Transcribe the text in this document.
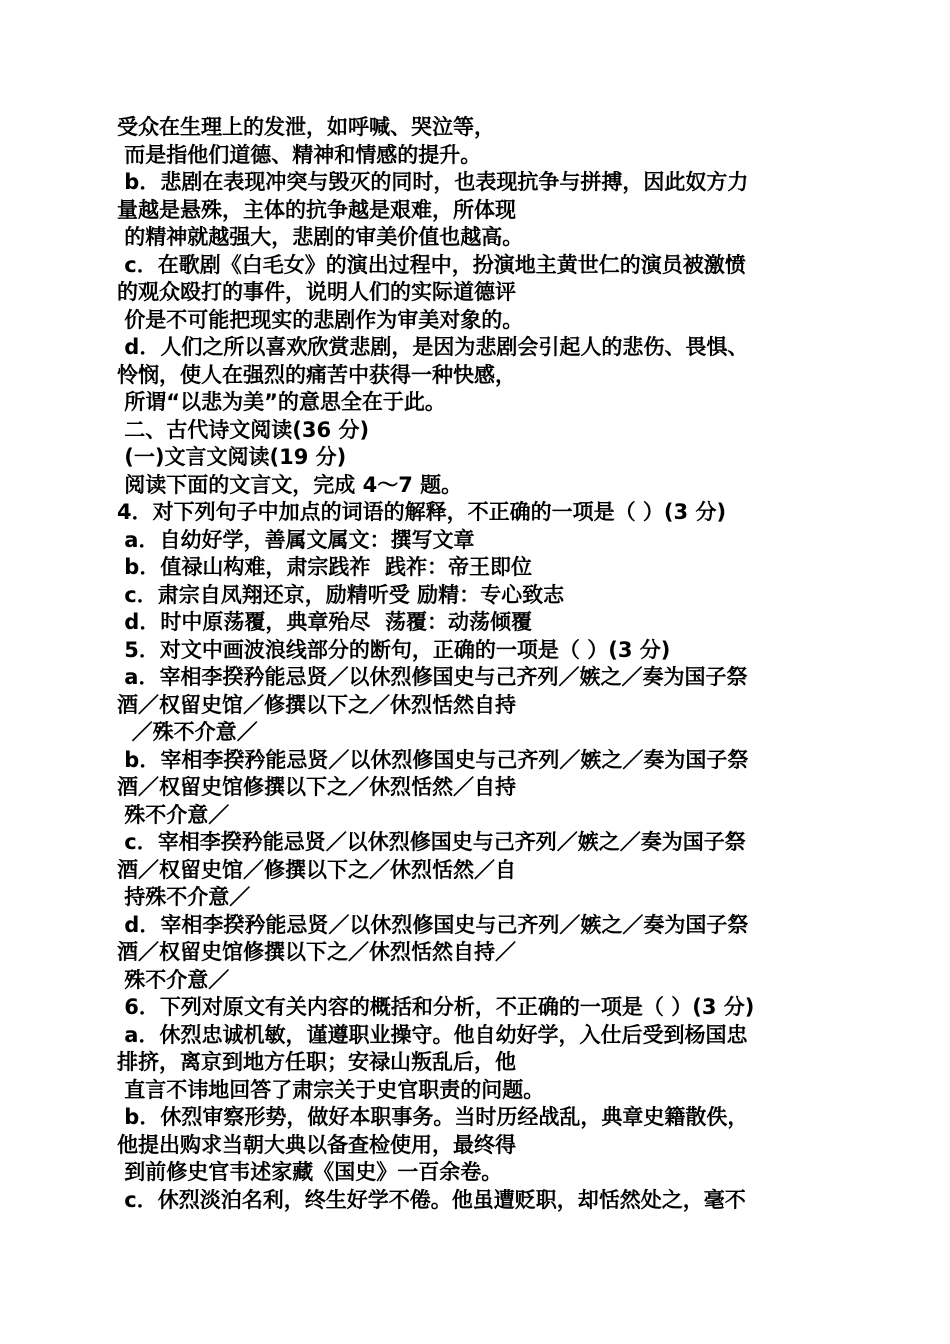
受众在生理上的发泄，如呼喊、哭泣等，
而是指他们道德、精神和情感的提升。
b．悲剧在表现冲突与毁灭的同时，也表现抗争与拼搏，因此奴方力
量越是悬殊，主体的抗争越是艰难，所体现
的精神就越强大，悲剧的审美价值也越高。
c．在歌剧《白毛女》的演出过程中，扮演地主黄世仁的演员被激愤
的观众殴打的事件，说明人们的实际道德评
价是不可能把现实的悲剧作为审美对象的。
d．人们之所以喜欢欣赏悲剧，是因为悲剧会引起人的悲伤、畏惧、
怜悯，使人在强烈的痛苦中获得一种快感，
所谓“以悲为美”的意思全在于此。
二、古代诗文阅读(36 分)
(一)文言文阅读(19 分)
阅读下面的文言文，完成 4～7 题。
4．对下列句子中加点的词语的解释，不正确的一项是（ ）(3 分)
a．自幼好学，善属文属文：撰写文章
b．值禄山构难，肃宗践祚  践祚：帝王即位
c．肃宗自凤翔还京，励精听受 励精：专心致志
d．时中原荡覆，典章殆尽  荡覆：动荡倾覆
5．对文中画波浪线部分的断句，正确的一项是（ ）(3 分)
a．宰相李揆矜能忌贤／以休烈修国史与己齐列／嫉之／奏为国子祭
酒／权留史馆／修撰以下之／休烈恬然自持
／殊不介意／
b．宰相李揆矜能忌贤／以休烈修国史与己齐列／嫉之／奏为国子祭
酒／权留史馆修撰以下之／休烈恬然／自持
殊不介意／
c．宰相李揆矜能忌贤／以休烈修国史与己齐列／嫉之／奏为国子祭
酒／权留史馆／修撰以下之／休烈恬然／自
持殊不介意／
d．宰相李揆矜能忌贤／以休烈修国史与己齐列／嫉之／奏为国子祭
酒／权留史馆修撰以下之／休烈恬然自持／
殊不介意／
6．下列对原文有关内容的概括和分析，不正确的一项是（ ）(3 分)
a．休烈忠诚机敏，谨遵职业操守。他自幼好学，入仕后受到杨国忠
排挤，离京到地方任职；安禄山叛乱后，他
直言不讳地回答了肃宗关于史官职责的问题。
b．休烈审察形势，做好本职事务。当时历经战乱，典章史籍散佚，
他提出购求当朝大典以备查检使用，最终得
到前修史官韦述家藏《国史》一百余卷。
c．休烈淡泊名利，终生好学不倦。他虽遭贬职，却恬然处之，毫不
